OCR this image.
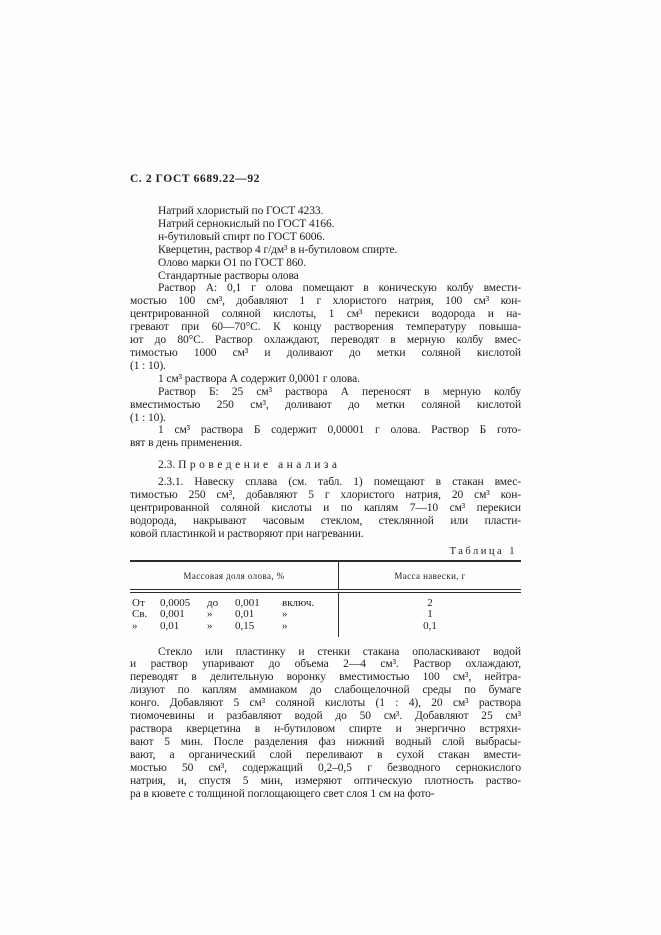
С. 2 ГОСТ 6689.22—92
Натрий хлористый по ГОСТ 4233.
Натрий сернокислый по ГОСТ 4166.
н-бутиловый спирт по ГОСТ 6006.
Кверцетин, раствор 4 г/дм³ в н-бутиловом спирте.
Олово марки О1 по ГОСТ 860.
Стандартные растворы олова
Раствор А: 0,1 г олова помещают в коническую колбу вмести-
мостью 100 см³, добавляют 1 г хлористого натрия, 100 см³ кон-
центрированной соляной кислоты, 1 см³ перекиси водорода и на-
гревают при 60—70°С. К концу растворения температуру повыша-
ют до 80°С. Раствор охлаждают, переводят в мерную колбу вмес-
тимостью 1000 см³ и доливают до метки соляной кислотой
(1 : 10).
1 см³ раствора А содержит 0,0001 г олова.
Раствор Б: 25 см³ раствора А переносят в мерную колбу
вместимостью 250 см³, доливают до метки соляной кислотой
(1 : 10).
1 см³ раствора Б содержит 0,00001 г олова. Раствор Б гото-
вят в день применения.
2.3. Проведение анализа
2.3.1. Навеску сплава (см. табл. 1) помещают в стакан вмес-
тимостью 250 см³, добавляют 5 г хлористого натрия, 20 см³ кон-
центрированной соляной кислоты и по каплям 7—10 см³ перекиси
водорода, накрывают часовым стеклом, стеклянной или пласти-
ковой пластинкой и растворяют при нагревании.
Таблица 1
Массовая доля олова, %	Масса навески, г
От 0,0005 до 0,001 включ.	2
Св. 0,001 » 0,01 »	1
» 0,01 » 0,15 »	0,1
Стекло или пластинку и стенки стакана ополаскивают водой
и раствор упаривают до объема 2—4 см³. Раствор охлаждают,
переводят в делительную воронку вместимостью 100 см³, нейтра-
лизуют по каплям аммиаком до слабощелочной среды по бумаге
конго. Добавляют 5 см³ соляной кислоты (1 : 4), 20 см³ раствора
тиомочевины и разбавляют водой до 50 см³. Добавляют 25 см³
раствора кверцетина в н-бутиловом спирте и энергично встряхи-
вают 5 мин. После разделения фаз нижний водный слой выбрасы-
вают, а органический слой переливают в сухой стакан вмести-
мостью 50 см³, содержащий 0,2–0,5 г безводного сернокислого
натрия, и, спустя 5 мин, измеряют оптическую плотность раство-
ра в кювете с толщиной поглощающего свет слоя 1 см на фото-
